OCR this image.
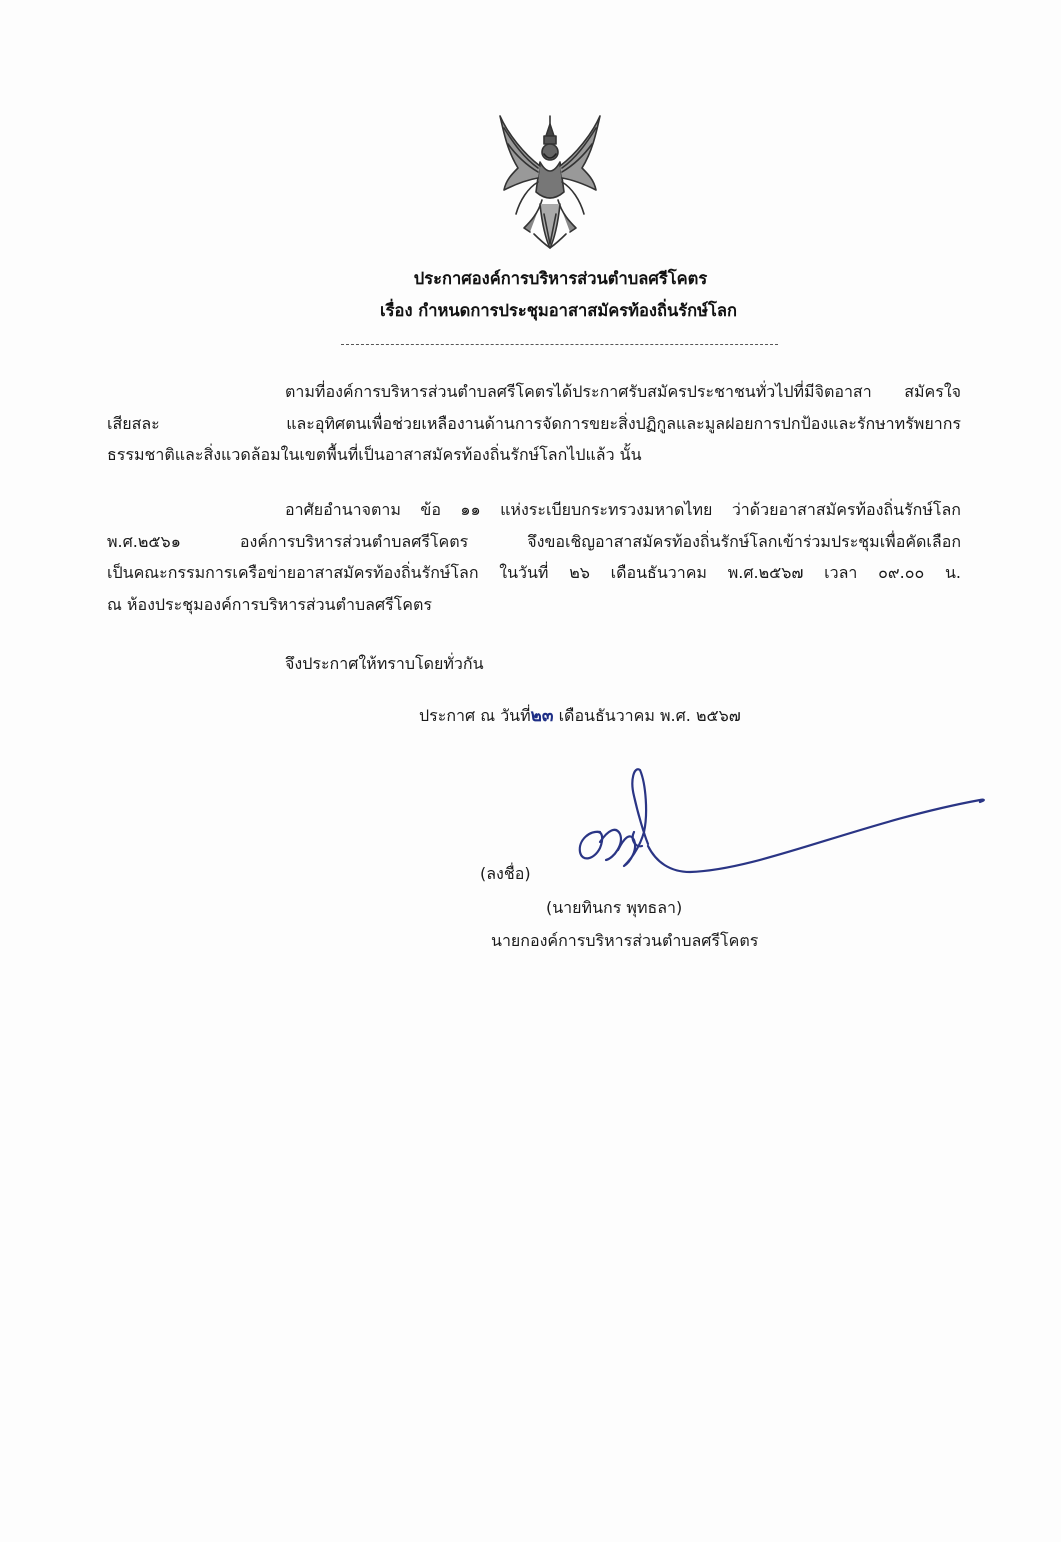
ประกาศองค์การบริหารส่วนตำบลศรีโคตร
เรื่อง กำหนดการประชุมอาสาสมัครท้องถิ่นรักษ์โลก
ตามที่องค์การบริหารส่วนตำบลศรีโคตรได้ประกาศรับสมัครประชาชนทั่วไปที่มีจิตอาสา สมัครใจ
เสียสละ และอุทิศตนเพื่อช่วยเหลืองานด้านการจัดการขยะสิ่งปฏิกูลและมูลฝอยการปกป้องและรักษาทรัพยากร
ธรรมชาติและสิ่งแวดล้อมในเขตพื้นที่เป็นอาสาสมัครท้องถิ่นรักษ์โลกไปแล้ว นั้น
อาศัยอำนาจตาม ข้อ ๑๑ แห่งระเบียบกระทรวงมหาดไทย ว่าด้วยอาสาสมัครท้องถิ่นรักษ์โลก
พ.ศ.๒๕๖๑ องค์การบริหารส่วนตำบลศรีโคตร จึงขอเชิญอาสาสมัครท้องถิ่นรักษ์โลกเข้าร่วมประชุมเพื่อคัดเลือก
เป็นคณะกรรมการเครือข่ายอาสาสมัครท้องถิ่นรักษ์โลก ในวันที่ ๒๖ เดือนธันวาคม พ.ศ.๒๕๖๗ เวลา ๐๙.๐๐ น.
ณ ห้องประชุมองค์การบริหารส่วนตำบลศรีโคตร
จึงประกาศให้ทราบโดยทั่วกัน
ประกาศ ณ วันที่๒๓ เดือนธันวาคม พ.ศ. ๒๕๖๗
(ลงชื่อ)
(นายทินกร พุทธลา)
นายกองค์การบริหารส่วนตำบลศรีโคตร
